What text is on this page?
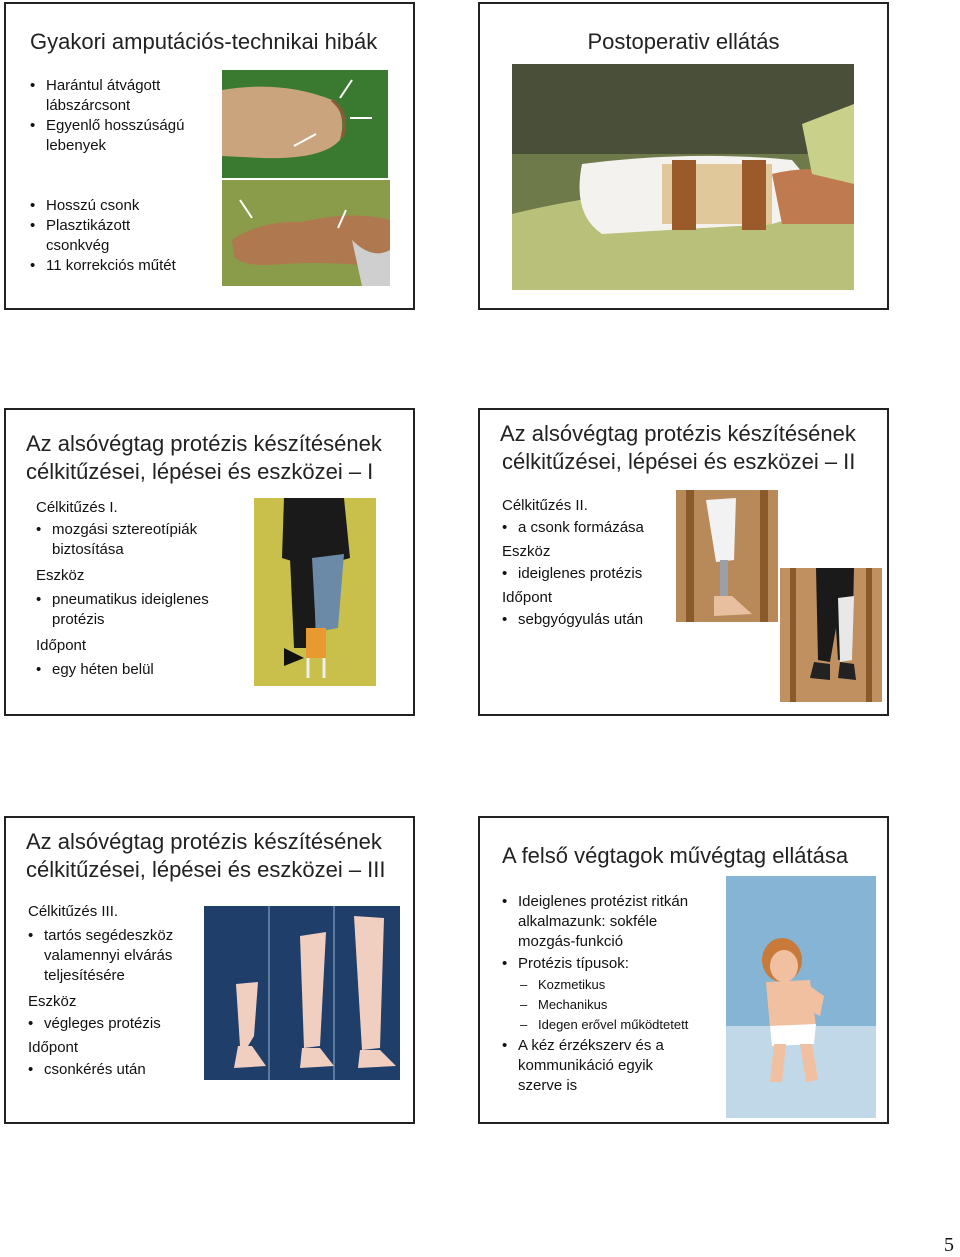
Gyakori amputációs-technikai hibák
• Harántul átvágott lábszárcsont
• Egyenlő hosszúságú lebenyek
• Hosszú csonk
• Plasztikázott csonkvég
• 11 korrekciós műtét
Postoperativ ellátás
Az alsóvégtag protézis készítésének
célkitűzései, lépései és eszközei – I
Célkitűzés I.
• mozgási sztereotípiák biztosítása
Eszköz
• pneumatikus ideiglenes protézis
Időpont
• egy héten belül
Az alsóvégtag protézis készítésének
célkitűzései, lépései és eszközei – II
Célkitűzés II.
• a csonk formázása
Eszköz
• ideiglenes protézis
Időpont
• sebgyógyulás után
Az alsóvégtag protézis készítésének
célkitűzései, lépései és eszközei – III
Célkitűzés III.
• tartós segédeszköz valamennyi elvárás teljesítésére
Eszköz
• végleges protézis
Időpont
• csonkérés után
A felső végtagok művégtag ellátása
• Ideiglenes protézist ritkán alkalmazunk: sokféle mozgás-funkció
• Protézis típusok:
– Kozmetikus
– Mechanikus
– Idegen erővel működtetett
• A kéz érzékszerv és a kommunikáció egyik szerve is
5
